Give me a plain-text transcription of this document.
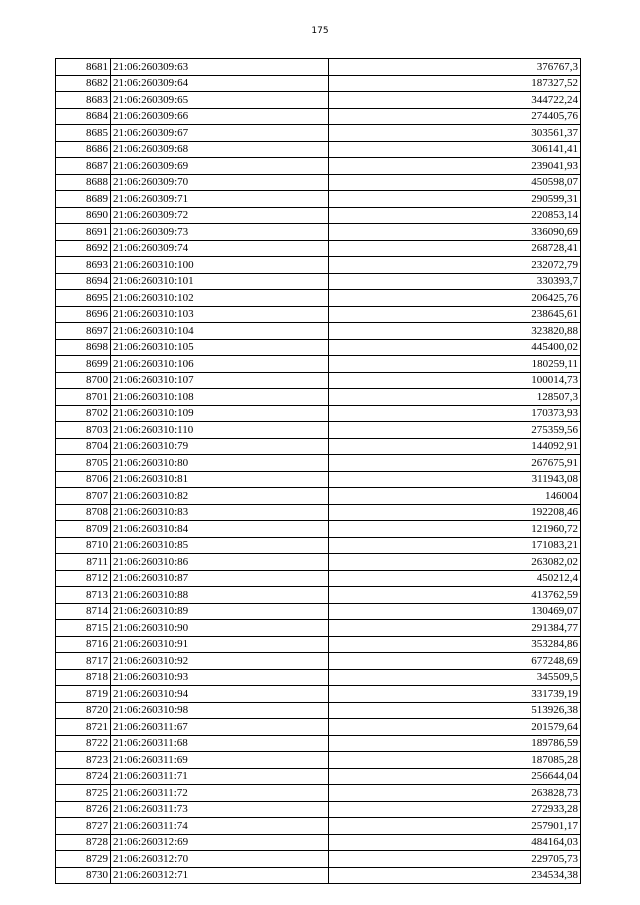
175
8681	21:06:260309:63	376767,3
8682	21:06:260309:64	187327,52
8683	21:06:260309:65	344722,24
8684	21:06:260309:66	274405,76
8685	21:06:260309:67	303561,37
8686	21:06:260309:68	306141,41
8687	21:06:260309:69	239041,93
8688	21:06:260309:70	450598,07
8689	21:06:260309:71	290599,31
8690	21:06:260309:72	220853,14
8691	21:06:260309:73	336090,69
8692	21:06:260309:74	268728,41
8693	21:06:260310:100	232072,79
8694	21:06:260310:101	330393,7
8695	21:06:260310:102	206425,76
8696	21:06:260310:103	238645,61
8697	21:06:260310:104	323820,88
8698	21:06:260310:105	445400,02
8699	21:06:260310:106	180259,11
8700	21:06:260310:107	100014,73
8701	21:06:260310:108	128507,3
8702	21:06:260310:109	170373,93
8703	21:06:260310:110	275359,56
8704	21:06:260310:79	144092,91
8705	21:06:260310:80	267675,91
8706	21:06:260310:81	311943,08
8707	21:06:260310:82	146004
8708	21:06:260310:83	192208,46
8709	21:06:260310:84	121960,72
8710	21:06:260310:85	171083,21
8711	21:06:260310:86	263082,02
8712	21:06:260310:87	450212,4
8713	21:06:260310:88	413762,59
8714	21:06:260310:89	130469,07
8715	21:06:260310:90	291384,77
8716	21:06:260310:91	353284,86
8717	21:06:260310:92	677248,69
8718	21:06:260310:93	345509,5
8719	21:06:260310:94	331739,19
8720	21:06:260310:98	513926,38
8721	21:06:260311:67	201579,64
8722	21:06:260311:68	189786,59
8723	21:06:260311:69	187085,28
8724	21:06:260311:71	256644,04
8725	21:06:260311:72	263828,73
8726	21:06:260311:73	272933,28
8727	21:06:260311:74	257901,17
8728	21:06:260312:69	484164,03
8729	21:06:260312:70	229705,73
8730	21:06:260312:71	234534,38
